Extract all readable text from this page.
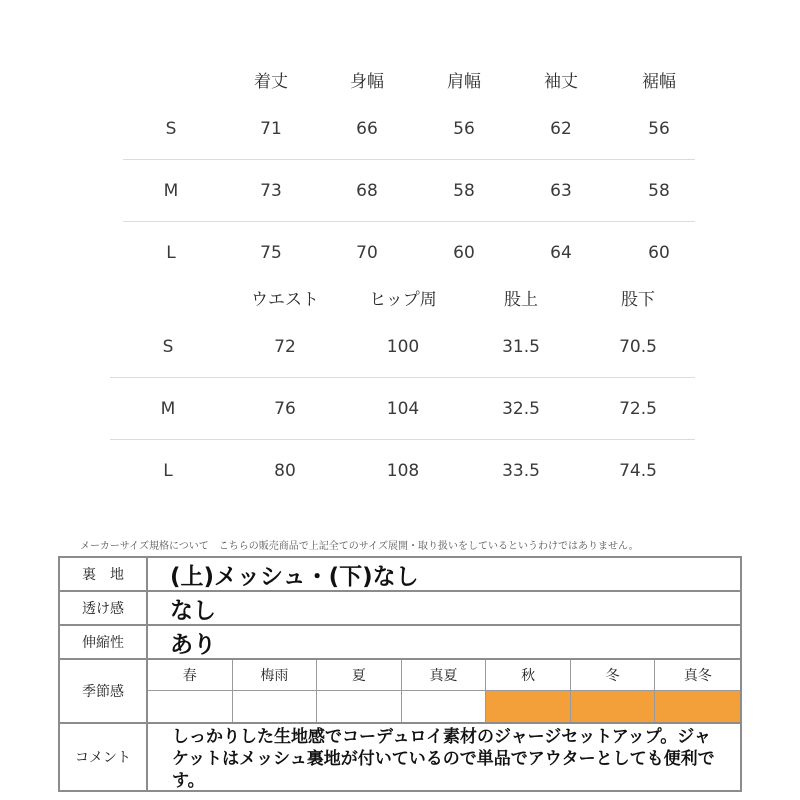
着丈	身幅	肩幅	袖丈	裾幅
S	71	66	56	62	56
M	73	68	58	63	58
L	75	70	60	64	60
ウエスト	ヒップ周	股上	股下
S	72	100	31.5	70.5
M	76	104	32.5	72.5
L	80	108	33.5	74.5
メーカーサイズ規格について　こちらの販売商品で上記全てのサイズ展開・取り扱いをしているというわけではありません。
裏　地	(上)メッシュ・(下)なし
透け感	なし
伸縮性	あり
季節感
春	梅雨	夏	真夏	秋	冬	真冬
コメント
しっかりした生地感でコーデュロイ素材のジャージセットアップ。ジャケットはメッシュ裏地が付いているので単品でアウターとしても便利です。
